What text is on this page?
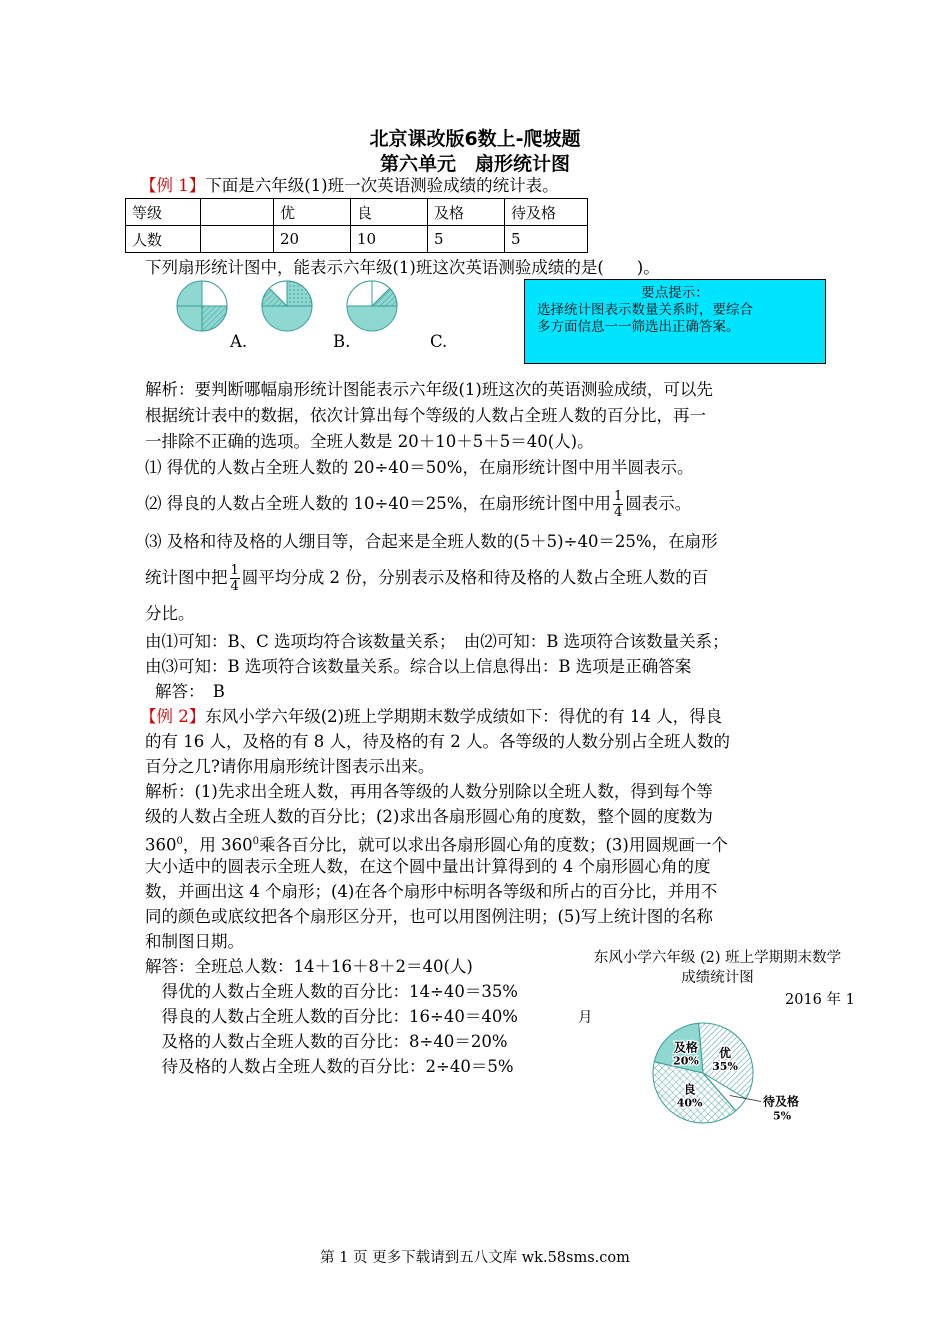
北京课改版6数上-爬坡题
第六单元　扇形统计图
【例 1】下面是六年级(1)班一次英语测验成绩的统计表。
等级		优	良	及格	待及格
人数		20	10	5	5
下列扇形统计图中，能表示六年级(1)班这次英语测验成绩的是(　　)。
A.	B.	C.
要点提示：
选择统计图表示数量关系时，要综合
多方面信息一一筛选出正确答案。
解析：要判断哪幅扇形统计图能表示六年级(1)班这次的英语测验成绩，可以先
根据统计表中的数据，依次计算出每个等级的人数占全班人数的百分比，再一
一排除不正确的选项。全班人数是 20＋10＋5＋5＝40(人)。
⑴ 得优的人数占全班人数的 20÷40＝50%，在扇形统计图中用半圆表示。
⑵ 得良的人数占全班人数的 10÷40＝25%，在扇形统计图中用 $\frac{1}{4}$ 圆表示。
⑶ 及格和待及格的人绷目等，合起来是全班人数的(5＋5)÷40＝25%，在扇形
统计图中把 $\frac{1}{4}$ 圆平均分成 2 份，分别表示及格和待及格的人数占全班人数的百
分比。
由⑴可知：B、C 选项均符合该数量关系；　由⑵可知：B 选项符合该数量关系；
由⑶可知：B 选项符合该数量关系。综合以上信息得出：B 选项是正确答案
解答：　B
【例 2】东风小学六年级(2)班上学期期末数学成绩如下：得优的有 14 人，得良
的有 16 人，及格的有 8 人，待及格的有 2 人。各等级的人数分别占全班人数的
百分之几?请你用扇形统计图表示出来。
解析：(1)先求出全班人数，再用各等级的人数分别除以全班人数，得到每个等
级的人数占全班人数的百分比；(2)求出各扇形圆心角的度数，整个圆的度数为
$360^0$，用 $360^0$乘各百分比，就可以求出各扇形圆心角的度数；(3)用圆规画一个
大小适中的圆表示全班人数，在这个圆中量出计算得到的 4 个扇形圆心角的度
数，并画出这 4 个扇形；(4)在各个扇形中标明各等级和所占的百分比，并用不
同的颜色或底纹把各个扇形区分开，也可以用图例注明；(5)写上统计图的名称
和制图日期。
解答：全班总人数：14＋16＋8＋2＝40(人)
　得优的人数占全班人数的百分比：14÷40＝35%
　得良的人数占全班人数的百分比：16÷40＝40%
　及格的人数占全班人数的百分比：8÷40＝20%
　待及格的人数占全班人数的百分比：2÷40＝5%
东风小学六年级 (2) 班上学期期末数学
成绩统计图
2016 年 1
月
优
35%
待及格
5%
良
40%
及格
20%
第 1 页 更多下载请到五八文库 wk.58sms.com
